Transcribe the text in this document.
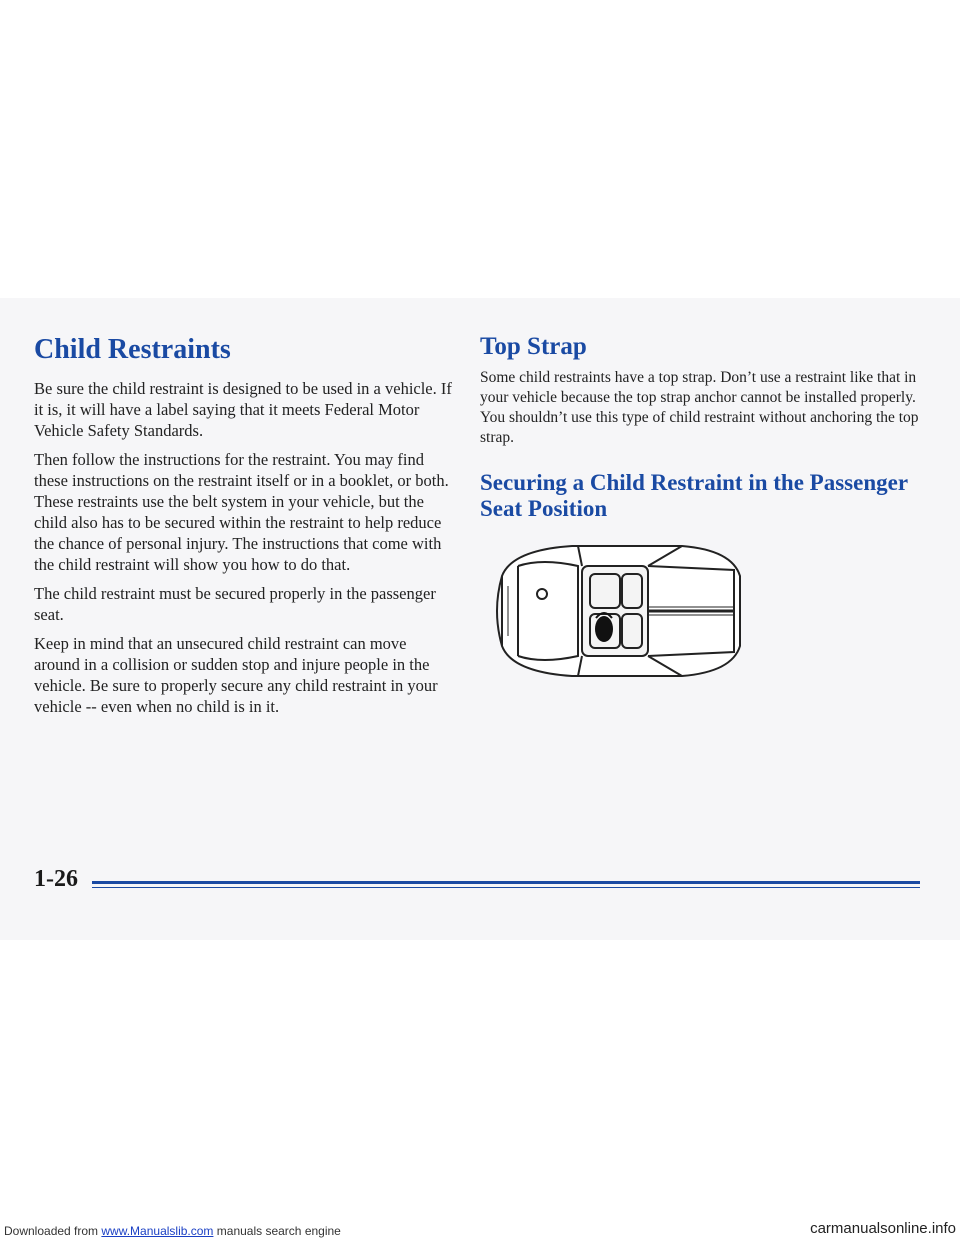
Child Restraints

Be sure the child restraint is designed to be used in a vehicle. If it is, it will have a label saying that it meets Federal Motor Vehicle Safety Standards.

Then follow the instructions for the restraint. You may find these instructions on the restraint itself or in a booklet, or both. These restraints use the belt system in your vehicle, but the child also has to be secured within the restraint to help reduce the chance of personal injury. The instructions that come with the child restraint will show you how to do that.

The child restraint must be secured properly in the passenger seat.

Keep in mind that an unsecured child restraint can move around in a collision or sudden stop and injure people in the vehicle. Be sure to properly secure any child restraint in your vehicle -- even when no child is in it.

Top Strap

Some child restraints have a top strap. Don’t use a restraint like that in your vehicle because the top strap anchor cannot be installed properly. You shouldn’t use this type of child restraint without anchoring the top strap.

Securing a Child Restraint in the Passenger Seat Position
1-26
Downloaded from www.Manualslib.com manuals search engine	carmanualsonline.info
